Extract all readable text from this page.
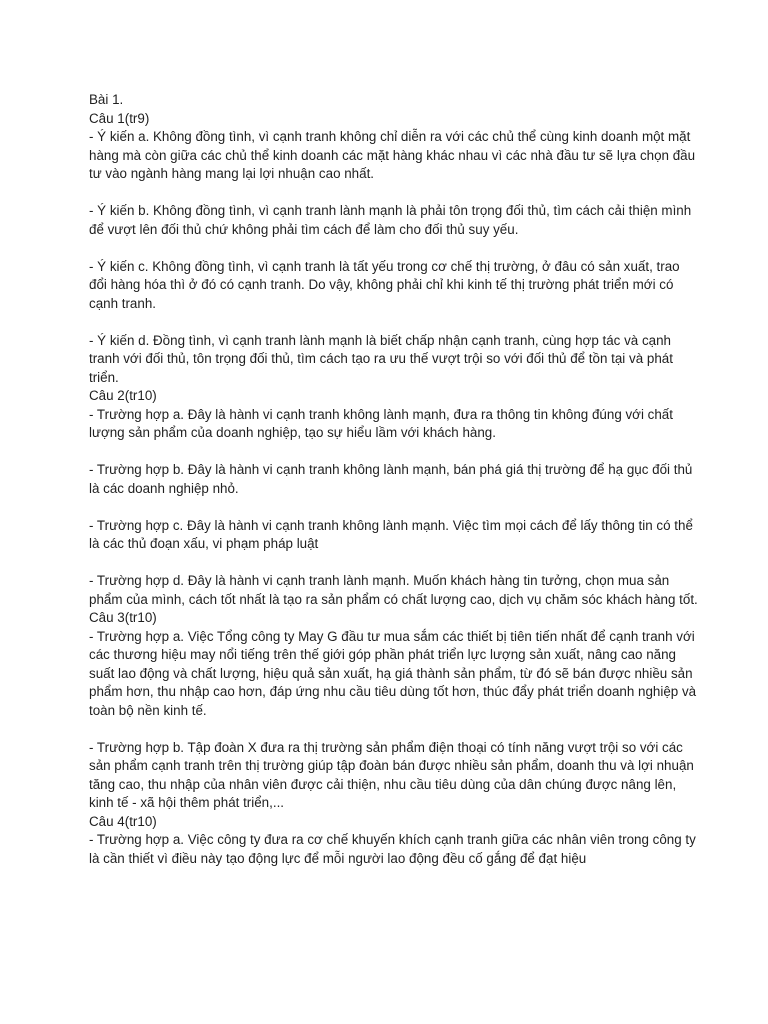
Bài 1.

Câu 1(tr9)

- Ý kiến a. Không đồng tình, vì cạnh tranh không chỉ diễn ra với các chủ thể cùng kinh doanh một mặt hàng mà còn giữa các chủ thể kinh doanh các mặt hàng khác nhau vì các nhà đầu tư sẽ lựa chọn đầu tư vào ngành hàng mang lại lợi nhuận cao nhất.

- Ý kiến b. Không đồng tình, vì cạnh tranh lành mạnh là phải tôn trọng đối thủ, tìm cách cải thiện mình để vượt lên đối thủ chứ không phải tìm cách để làm cho đối thủ suy yếu.

- Ý kiến c. Không đồng tình, vì cạnh tranh là tất yếu trong cơ chế thị trường, ở đâu có sản xuất, trao đổi hàng hóa thì ở đó có cạnh tranh. Do vậy, không phải chỉ khi kinh tế thị trường phát triển mới có cạnh tranh.

- Ý kiến d. Đồng tình, vì cạnh tranh lành mạnh là biết chấp nhận cạnh tranh, cùng hợp tác và cạnh tranh với đối thủ, tôn trọng đối thủ, tìm cách tạo ra ưu thế vượt trội so với đối thủ để tồn tại và phát triển.

Câu 2(tr10)

- Trường hợp a. Đây là hành vi cạnh tranh không lành mạnh, đưa ra thông tin không đúng với chất lượng sản phẩm của doanh nghiệp, tạo sự hiểu lầm với khách hàng.

- Trường hợp b. Đây là hành vi cạnh tranh không lành mạnh, bán phá giá thị trường để hạ gục đối thủ là các doanh nghiệp nhỏ.

- Trường hợp c. Đây là hành vi cạnh tranh không lành mạnh. Việc tìm mọi cách để lấy thông tin có thể là các thủ đoạn xấu, vi phạm pháp luật

- Trường hợp d. Đây là hành vi cạnh tranh lành mạnh. Muốn khách hàng tin tưởng, chọn mua sản phẩm của mình, cách tốt nhất là tạo ra sản phẩm có chất lượng cao, dịch vụ chăm sóc khách hàng tốt.

Câu 3(tr10)

- Trường hợp a. Việc Tổng công ty May G đầu tư mua sắm các thiết bị tiên tiến nhất để cạnh tranh với các thương hiệu may nổi tiếng trên thế giới góp phần phát triển lực lượng sản xuất, nâng cao năng suất lao động và chất lượng, hiệu quả sản xuất, hạ giá thành sản phẩm, từ đó sẽ bán được nhiều sản phẩm hơn, thu nhập cao hơn, đáp ứng nhu cầu tiêu dùng tốt hơn, thúc đẩy phát triển doanh nghiệp và toàn bộ nền kinh tế.

- Trường hợp b. Tập đoàn X đưa ra thị trường sản phẩm điện thoại có tính năng vượt trội so với các sản phẩm cạnh tranh trên thị trường giúp tập đoàn bán được nhiều sản phẩm, doanh thu và lợi nhuận tăng cao, thu nhập của nhân viên được cải thiện, nhu cầu tiêu dùng của dân chúng được nâng lên, kinh tế - xã hội thêm phát triển,...

Câu 4(tr10)

- Trường hợp a. Việc công ty đưa ra cơ chế khuyến khích cạnh tranh giữa các nhân viên trong công ty là cần thiết vì điều này tạo động lực để mỗi người lao động đều cố gắng để đạt hiệu
